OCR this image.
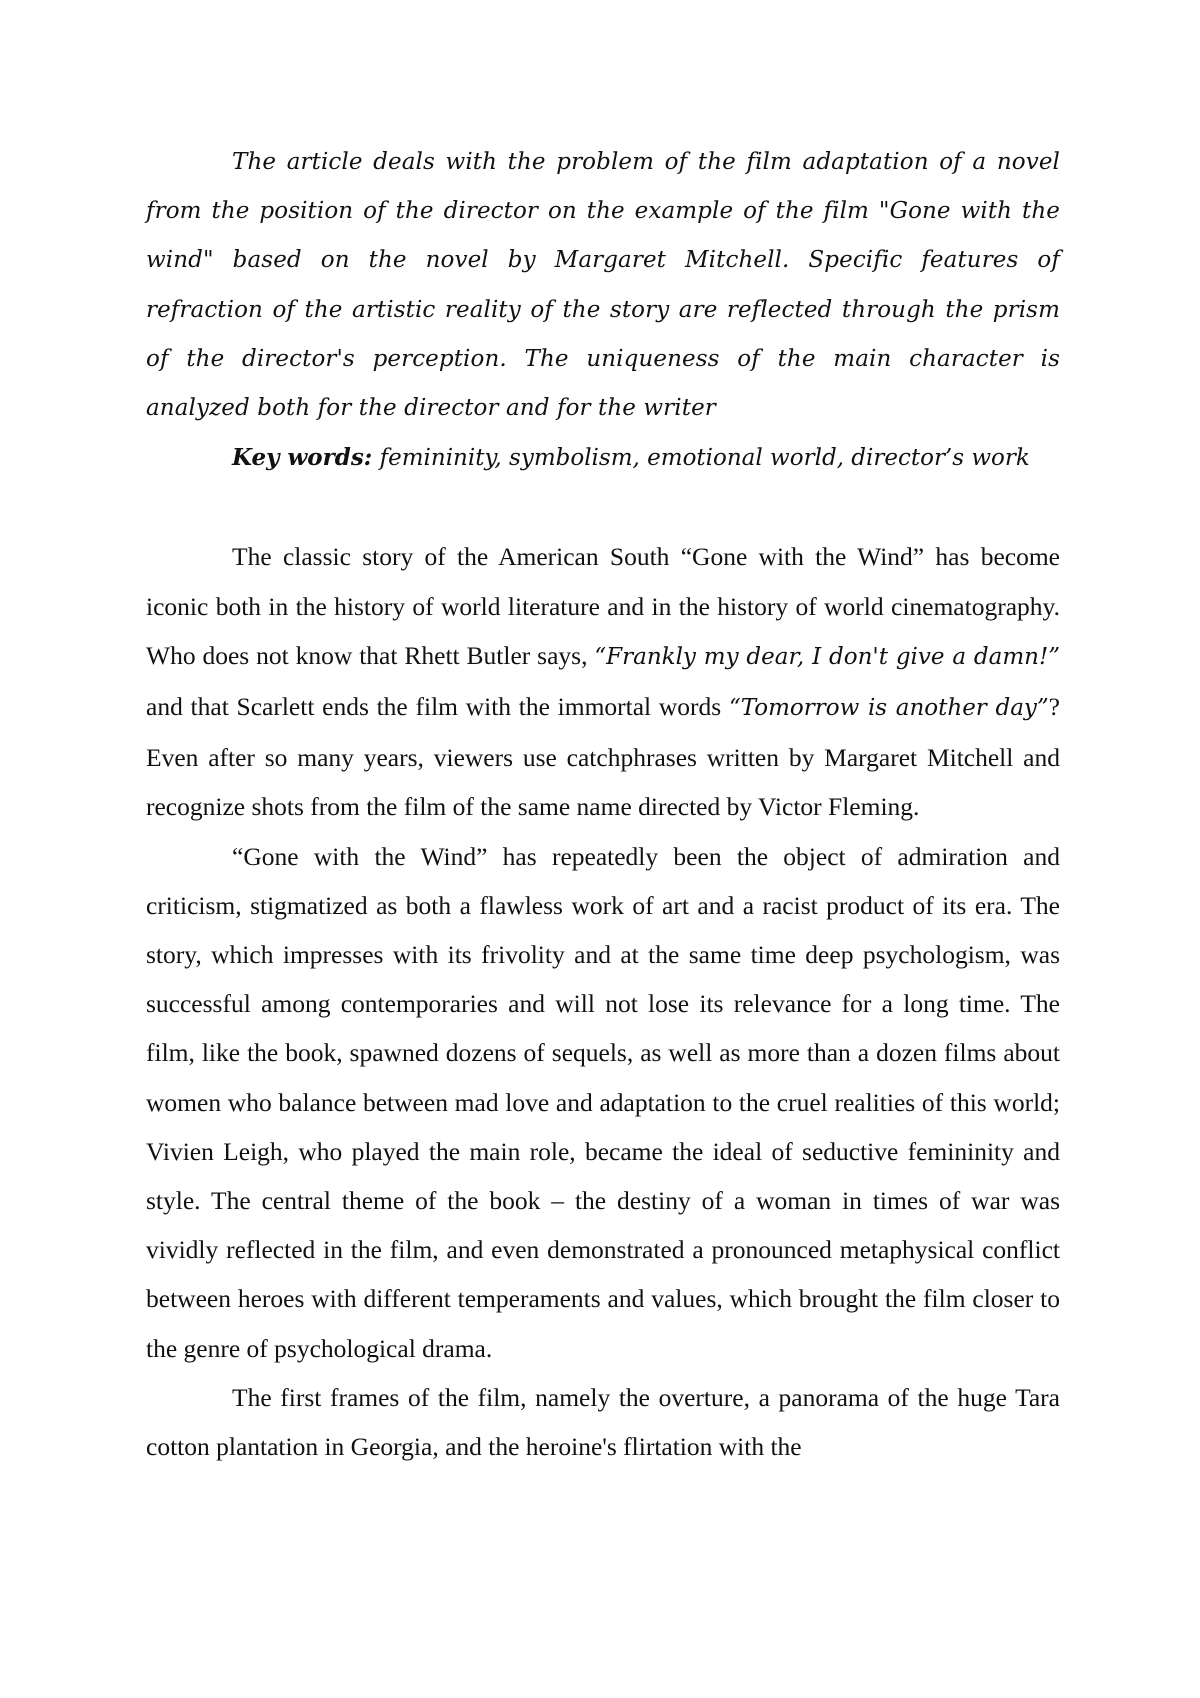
The article deals with the problem of the film adaptation of a novel from the position of the director on the example of the film "Gone with the wind" based on the novel by Margaret Mitchell. Specific features of refraction of the artistic reality of the story are reflected through the prism of the director's perception. The uniqueness of the main character is analyzed both for the director and for the writer

Key words: femininity, symbolism, emotional world, director’s work

The classic story of the American South “Gone with the Wind” has become iconic both in the history of world literature and in the history of world cinematography. Who does not know that Rhett Butler says, “Frankly my dear, I don't give a damn!” and that Scarlett ends the film with the immortal words “Tomorrow is another day”? Even after so many years, viewers use catchphrases written by Margaret Mitchell and recognize shots from the film of the same name directed by Victor Fleming.

“Gone with the Wind” has repeatedly been the object of admiration and criticism, stigmatized as both a flawless work of art and a racist product of its era. The story, which impresses with its frivolity and at the same time deep psychologism, was successful among contemporaries and will not lose its relevance for a long time. The film, like the book, spawned dozens of sequels, as well as more than a dozen films about women who balance between mad love and adaptation to the cruel realities of this world; Vivien Leigh, who played the main role, became the ideal of seductive femininity and style. The central theme of the book – the destiny of a woman in times of war was vividly reflected in the film, and even demonstrated a pronounced metaphysical conflict between heroes with different temperaments and values, which brought the film closer to the genre of psychological drama.

The first frames of the film, namely the overture, a panorama of the huge Tara cotton plantation in Georgia, and the heroine's flirtation with the
